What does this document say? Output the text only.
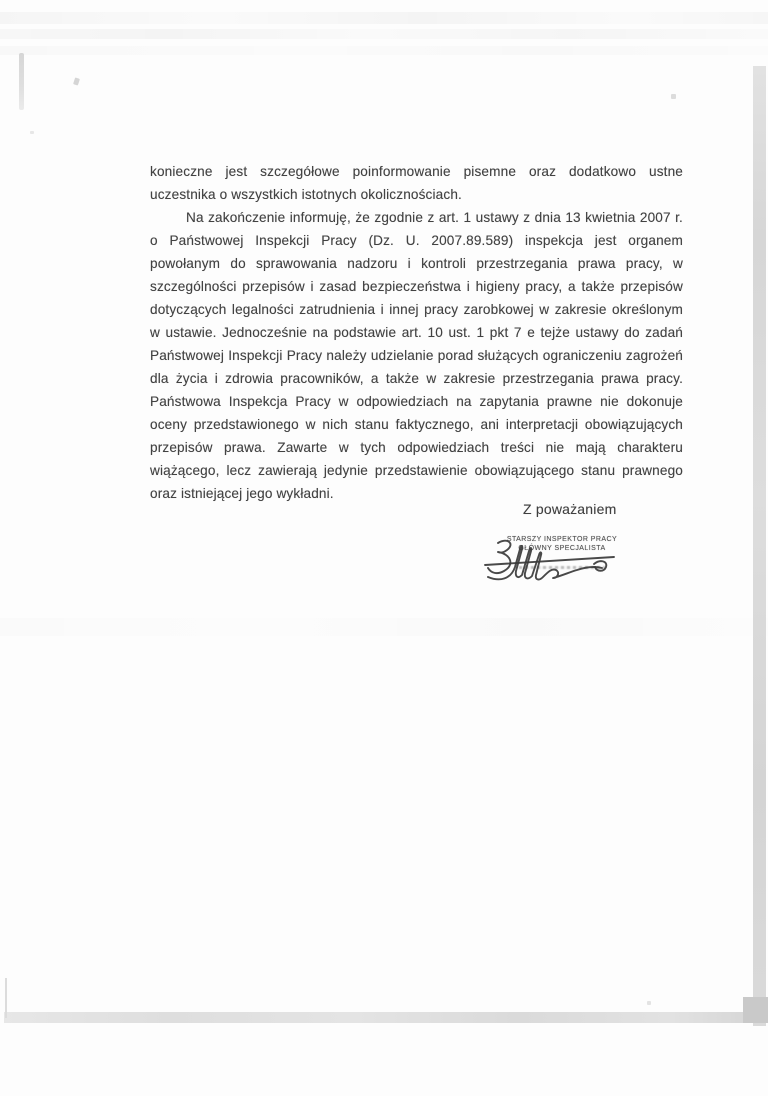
konieczne jest szczegółowe poinformowanie pisemne oraz dodatkowo ustne uczestnika o wszystkich istotnych okolicznościach.

Na zakończenie informuję, że zgodnie z art. 1 ustawy z dnia 13 kwietnia 2007 r. o Państwowej Inspekcji Pracy (Dz. U. 2007.89.589) inspekcja jest organem powołanym do sprawowania nadzoru i kontroli przestrzegania prawa pracy, w szczególności przepisów i zasad bezpieczeństwa i higieny pracy, a także przepisów dotyczących legalności zatrudnienia i innej pracy zarobkowej w zakresie określonym w ustawie. Jednocześnie na podstawie art. 10 ust. 1 pkt 7 e tejże ustawy do zadań Państwowej Inspekcji Pracy należy udzielanie porad służących ograniczeniu zagrożeń dla życia i zdrowia pracowników, a także w zakresie przestrzegania prawa pracy. Państwowa Inspekcja Pracy w odpowiedziach na zapytania prawne nie dokonuje oceny przedstawionego w nich stanu faktycznego, ani interpretacji obowiązujących przepisów prawa. Zawarte w tych odpowiedziach treści nie mają charakteru wiążącego, lecz zawierają jedynie przedstawienie obowiązującego stanu prawnego oraz istniejącej jego wykładni.

Z poważaniem
STARSZY INSPEKTOR PRACY
GŁÓWNY SPECJALISTA
